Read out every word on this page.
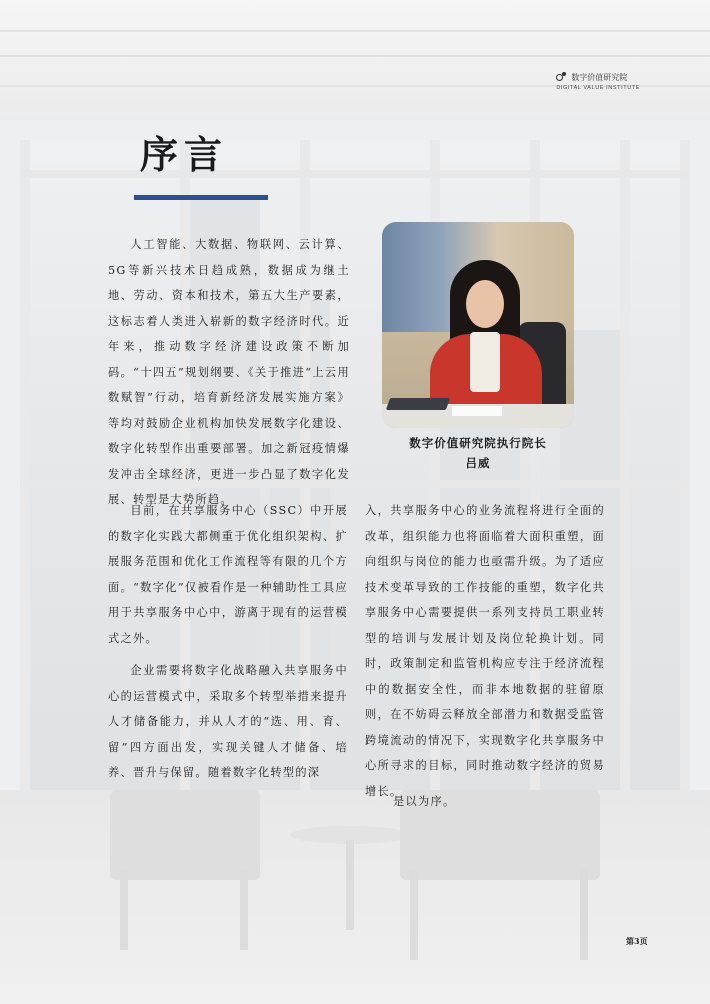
数字价值研究院
DIGITAL VALUE INSTITUTE
序言
人工智能、大数据、物联网、云计算、5G等新兴技术日趋成熟，数据成为继土地、劳动、资本和技术，第五大生产要素，这标志着人类进入崭新的数字经济时代。近年来，推动数字经济建设政策不断加码。“十四五”规划纲要、《关于推进“上云用数赋智”行动，培育新经济发展实施方案》等均对鼓励企业机构加快发展数字化建设、数字化转型作出重要部署。加之新冠疫情爆发冲击全球经济，更进一步凸显了数字化发展、转型是大势所趋。
数字价值研究院执行院长
吕威
目前，在共享服务中心（SSC）中开展的数字化实践大都侧重于优化组织架构、扩展服务范围和优化工作流程等有限的几个方面。“数字化”仅被看作是一种辅助性工具应用于共享服务中心中，游离于现有的运营模式之外。
企业需要将数字化战略融入共享服务中心的运营模式中，采取多个转型举措来提升人才储备能力，并从人才的“选、用、育、留”四方面出发，实现关键人才储备、培养、晋升与保留。随着数字化转型的深
入，共享服务中心的业务流程将进行全面的改革，组织能力也将面临着大面积重塑，面向组织与岗位的能力也亟需升级。为了适应技术变革导致的工作技能的重塑，数字化共享服务中心需要提供一系列支持员工职业转型的培训与发展计划及岗位轮换计划。同时，政策制定和监管机构应专注于经济流程中的数据安全性，而非本地数据的驻留原则，在不妨碍云释放全部潜力和数据受监管跨境流动的情况下，实现数字化共享服务中心所寻求的目标，同时推动数字经济的贸易增长。
是以为序。
第3页
